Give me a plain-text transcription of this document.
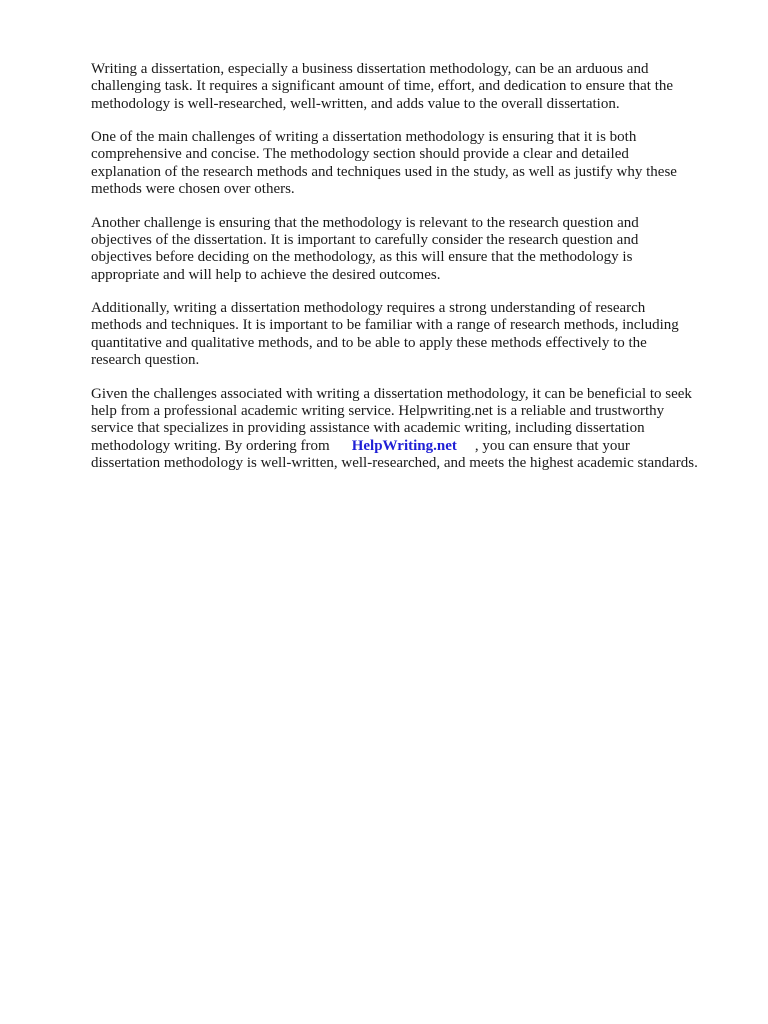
Writing a dissertation, especially a business dissertation methodology, can be an arduous and
challenging task. It requires a significant amount of time, effort, and dedication to ensure that the
methodology is well-researched, well-written, and adds value to the overall dissertation.

One of the main challenges of writing a dissertation methodology is ensuring that it is both
comprehensive and concise. The methodology section should provide a clear and detailed
explanation of the research methods and techniques used in the study, as well as justify why these
methods were chosen over others.

Another challenge is ensuring that the methodology is relevant to the research question and
objectives of the dissertation. It is important to carefully consider the research question and
objectives before deciding on the methodology, as this will ensure that the methodology is
appropriate and will help to achieve the desired outcomes.

Additionally, writing a dissertation methodology requires a strong understanding of research
methods and techniques. It is important to be familiar with a range of research methods, including
quantitative and qualitative methods, and to be able to apply these methods effectively to the
research question.

Given the challenges associated with writing a dissertation methodology, it can be beneficial to seek
help from a professional academic writing service. Helpwriting.net is a reliable and trustworthy
service that specializes in providing assistance with academic writing, including dissertation
methodology writing. By ordering from HelpWriting.net , you can ensure that your
dissertation methodology is well-written, well-researched, and meets the highest academic standards.
